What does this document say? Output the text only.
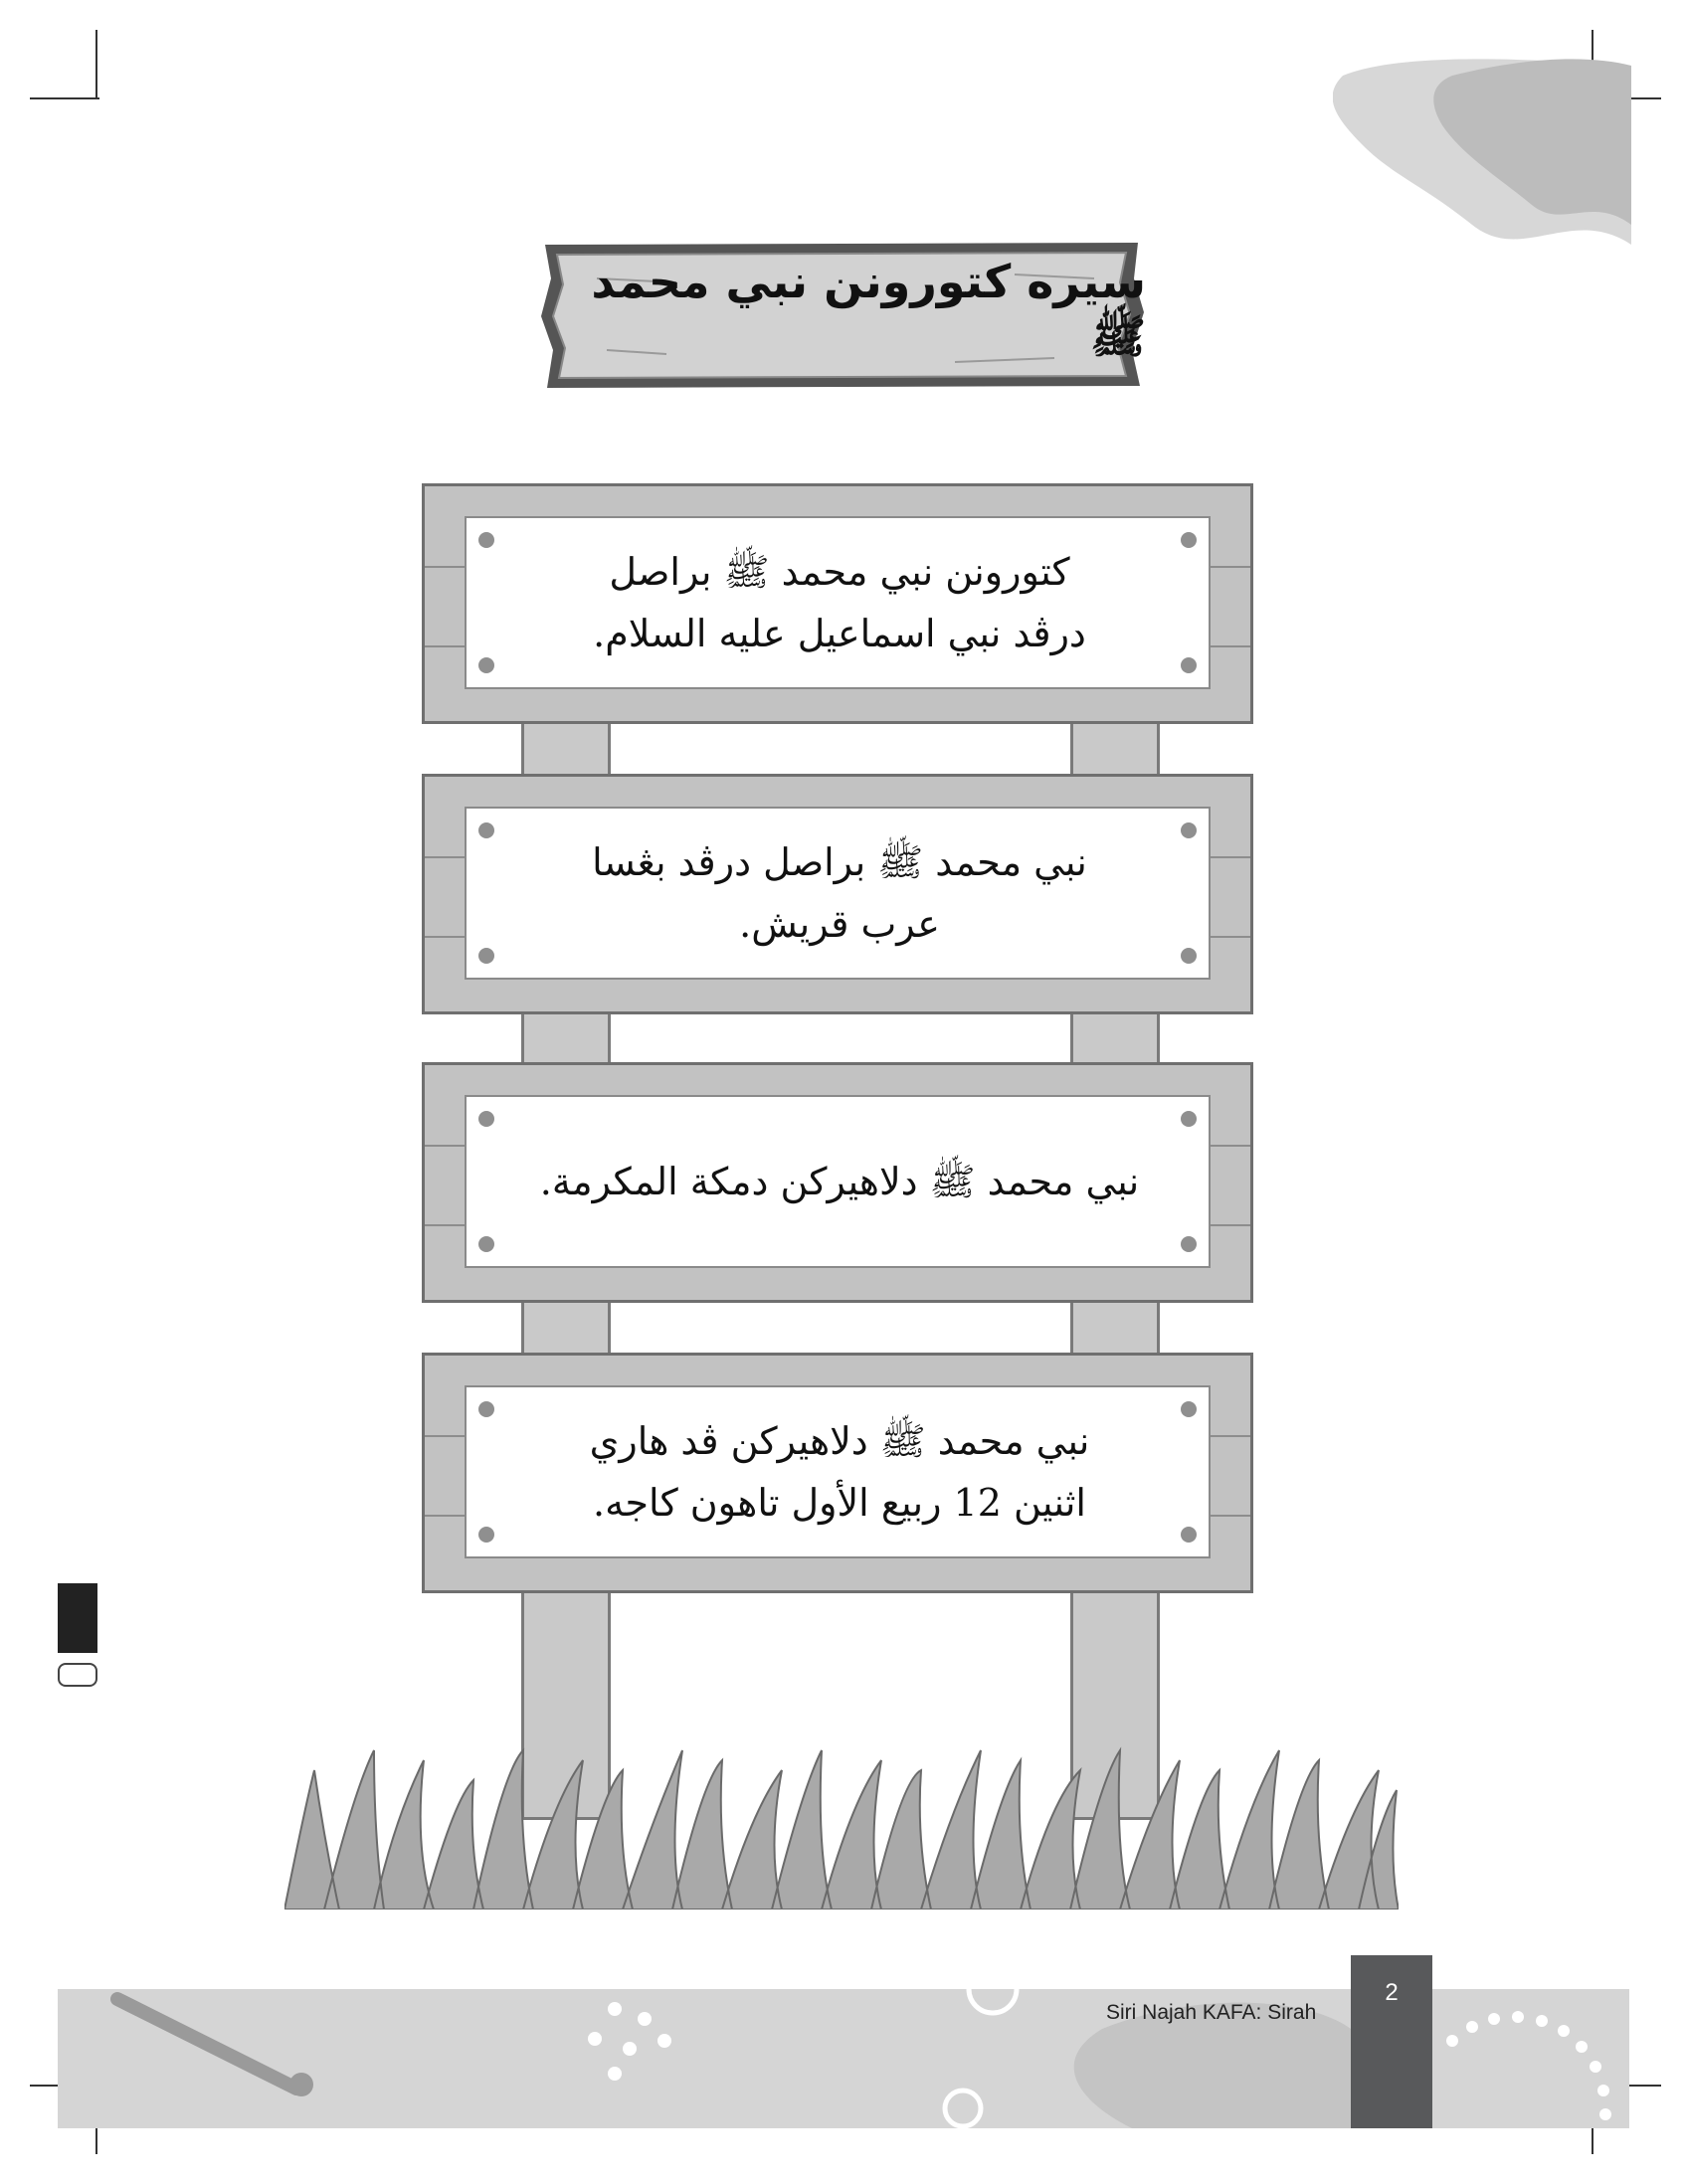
سيره كتورونن نبي محمد ﷺ
كتورونن نبي محمد ﷺ براصل
درڤد نبي اسماعيل عليه السلام.
نبي محمد ﷺ براصل درڤد بڠسا
عرب قريش.
نبي محمد ﷺ دلاهيركن دمكة المكرمة.
نبي محمد ﷺ دلاهيركن ڤد هاري
اثنين 12 ربيع الأول تاهون كاجه.
2
Siri Najah KAFA: Sirah
